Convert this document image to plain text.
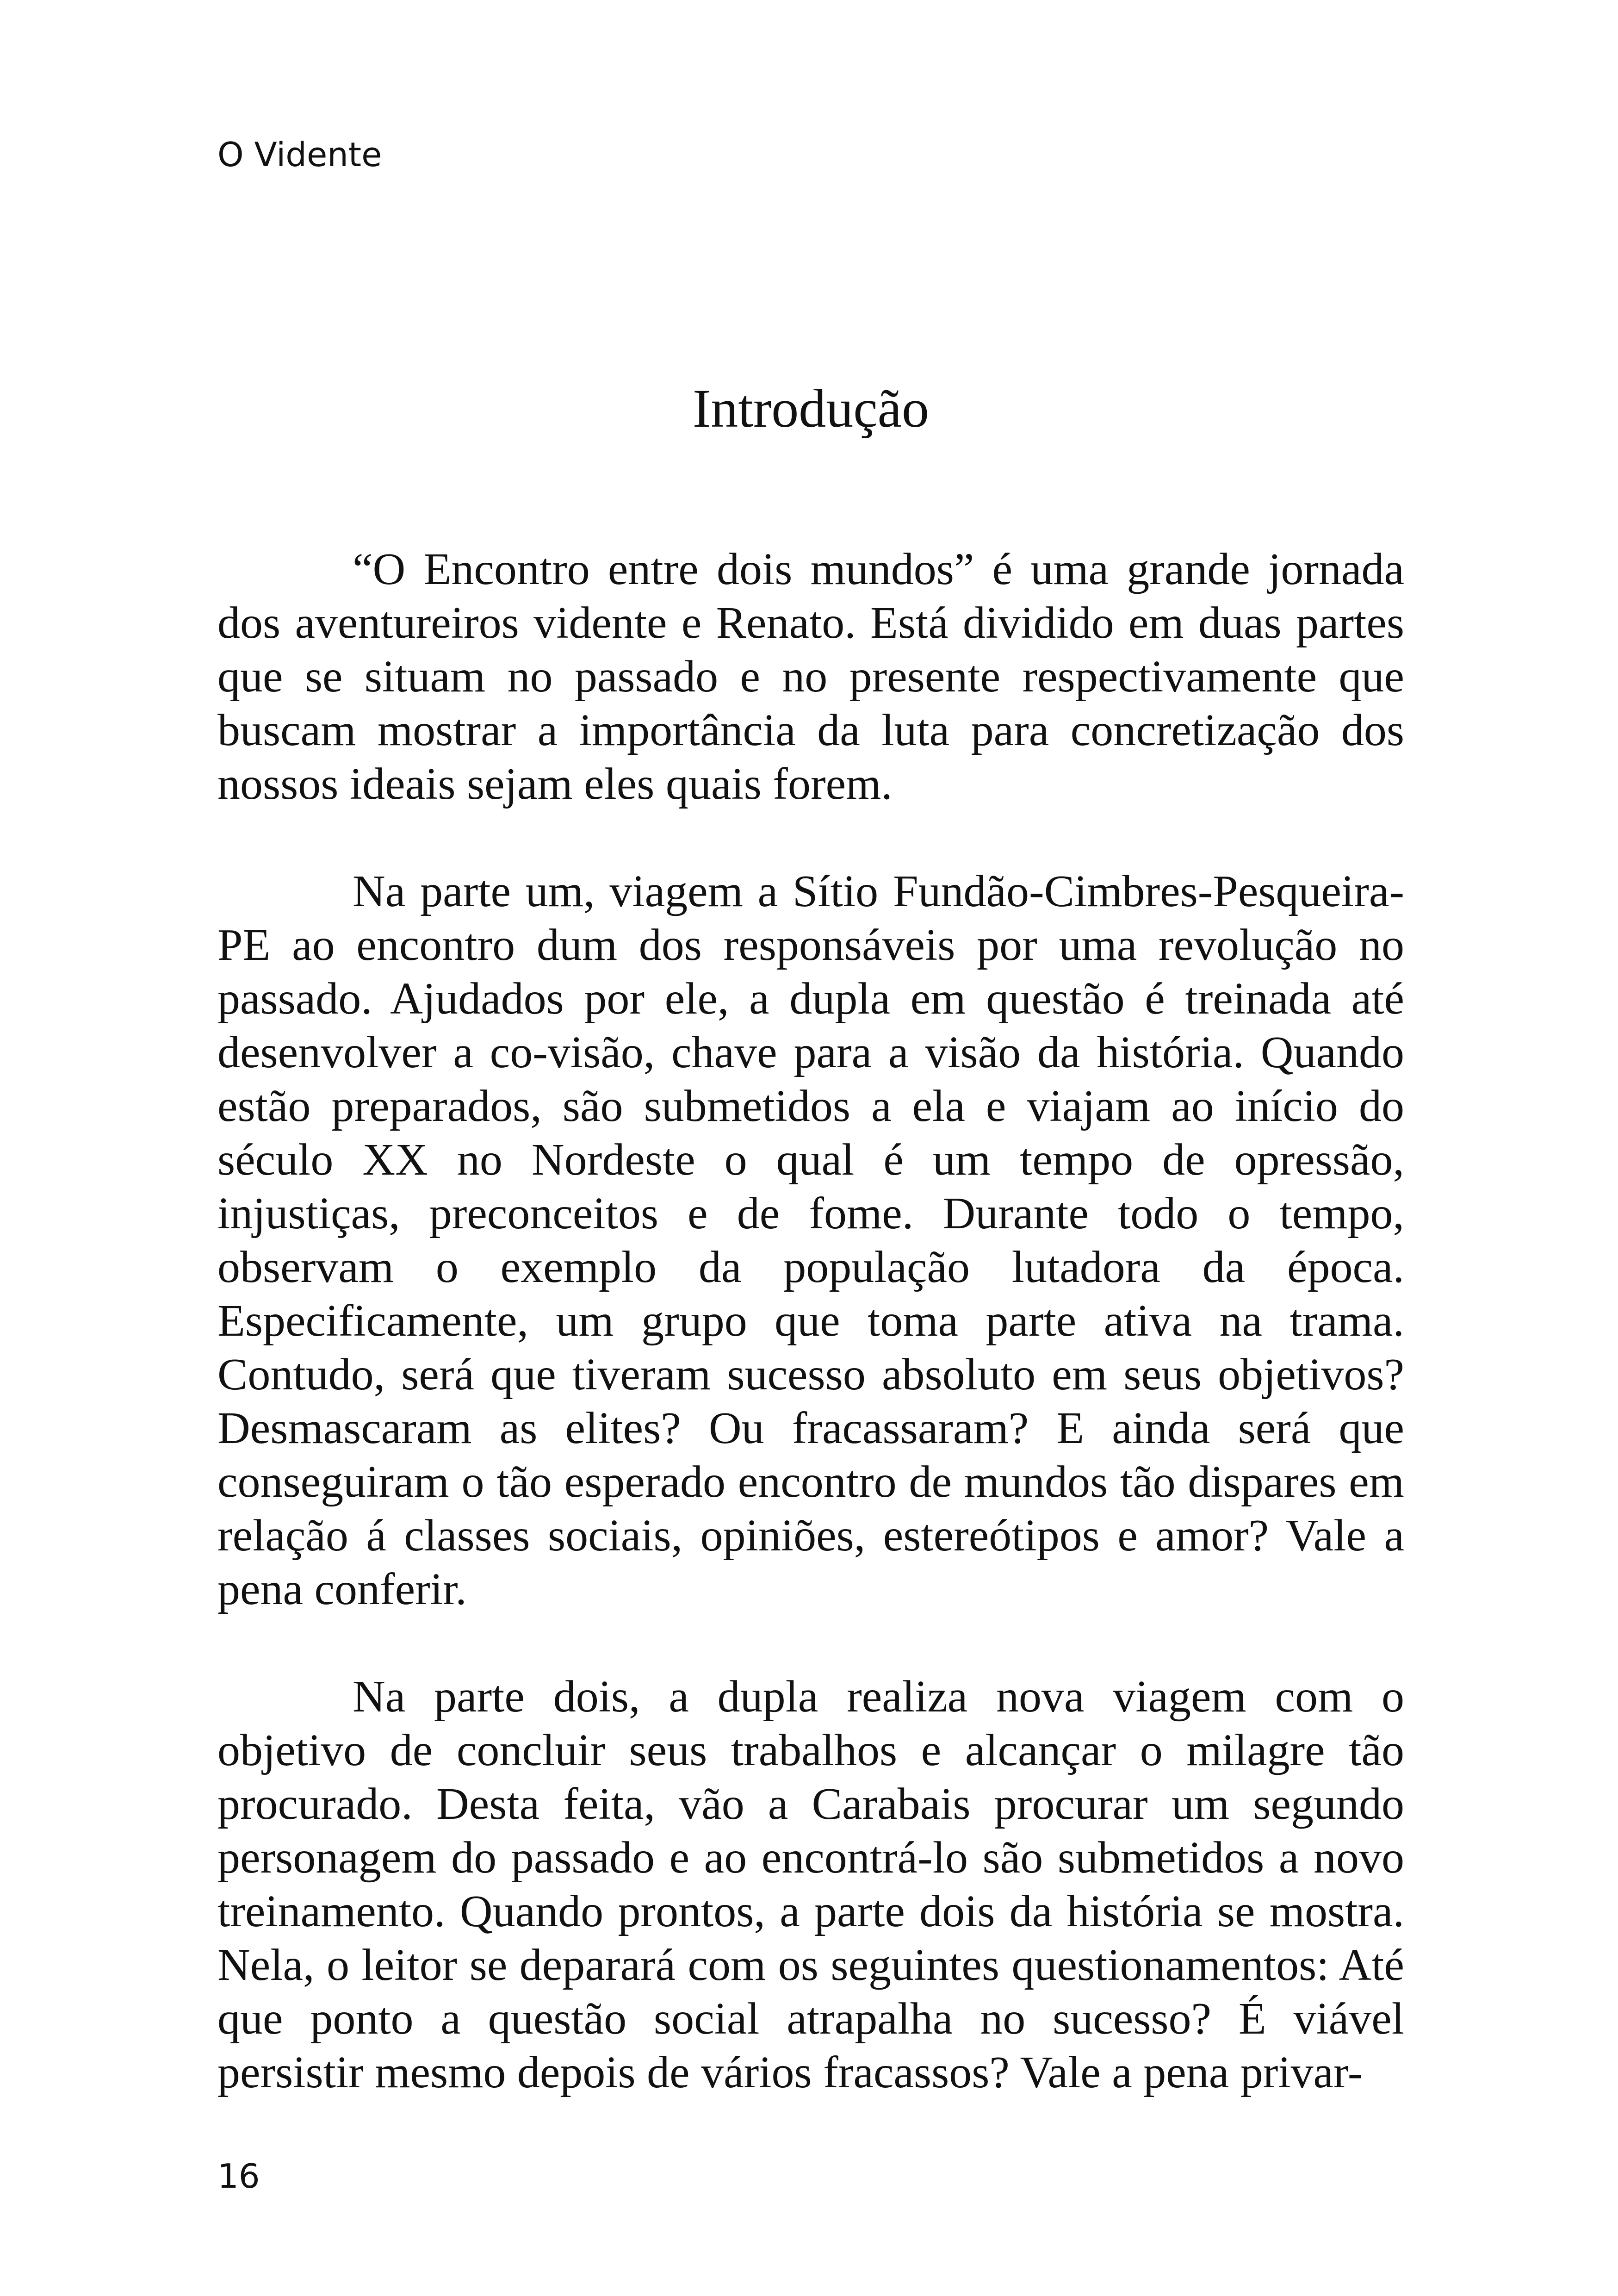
O Vidente
Introdução

“O Encontro entre dois mundos” é uma grande jornada dos aventureiros vidente e Renato. Está dividido em duas partes que se situam no passado e no presente respectivamente que buscam mostrar a importância da luta para concretização dos nossos ideais sejam eles quais forem.

Na parte um, viagem a Sítio Fundão-Cimbres-Pesqueira-PE ao encontro dum dos responsáveis por uma revolução no passado. Ajudados por ele, a dupla em questão é treinada até desenvolver a co-visão, chave para a visão da história. Quando estão preparados, são submetidos a ela e viajam ao início do século XX no Nordeste o qual é um tempo de opressão, injustiças, preconceitos e de fome. Durante todo o tempo, observam o exemplo da população lutadora da época. Especificamente, um grupo que toma parte ativa na trama. Contudo, será que tiveram sucesso absoluto em seus objetivos? Desmascaram as elites? Ou fracassaram? E ainda será que conseguiram o tão esperado encontro de mundos tão dispares em relação á classes sociais, opiniões, estereótipos e amor? Vale a pena conferir.

Na parte dois, a dupla realiza nova viagem com o objetivo de concluir seus trabalhos e alcançar o milagre tão procurado. Desta feita, vão a Carabais procurar um segundo personagem do passado e ao encontrá-lo são submetidos a novo treinamento. Quando prontos, a parte dois da história se mostra. Nela, o leitor se deparará com os seguintes questionamentos: Até que ponto a questão social atrapalha no sucesso? É viável persistir mesmo depois de vários fracassos? Vale a pena privar-

16
